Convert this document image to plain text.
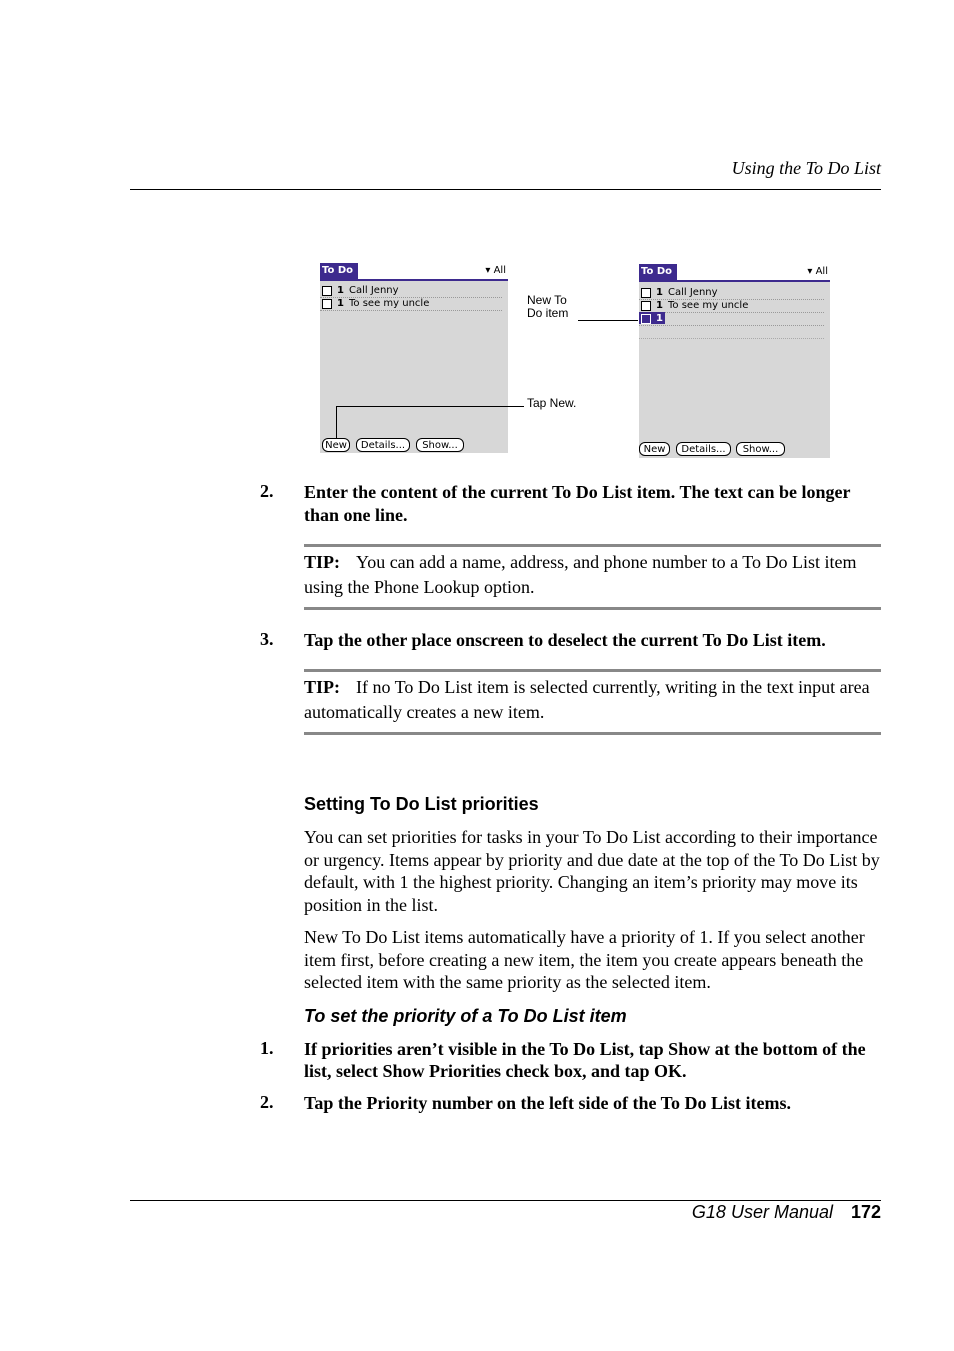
Using the To Do List
To Do	▾ All
1 Call Jenny
1 To see my uncle
New	Details...	Show...
To Do	▾ All
1 Call Jenny
1 To see my uncle
1
New	Details...	Show...
New To
Do item
Tap New.
2. Enter the content of the current To Do List item. The text can be longer than one line.
TIP: You can add a name, address, and phone number to a To Do List item using the Phone Lookup option.
3. Tap the other place onscreen to deselect the current To Do List item.
TIP: If no To Do List item is selected currently, writing in the text input area automatically creates a new item.
Setting To Do List priorities
You can set priorities for tasks in your To Do List according to their importance or urgency. Items appear by priority and due date at the top of the To Do List by default, with 1 the highest priority. Changing an item’s priority may move its position in the list.
New To Do List items automatically have a priority of 1. If you select another item first, before creating a new item, the item you create appears beneath the selected item with the same priority as the selected item.
To set the priority of a To Do List item
1. If priorities aren’t visible in the To Do List, tap Show at the bottom of the list, select Show Priorities check box, and tap OK.
2. Tap the Priority number on the left side of the To Do List items.
G18 User Manual 172
